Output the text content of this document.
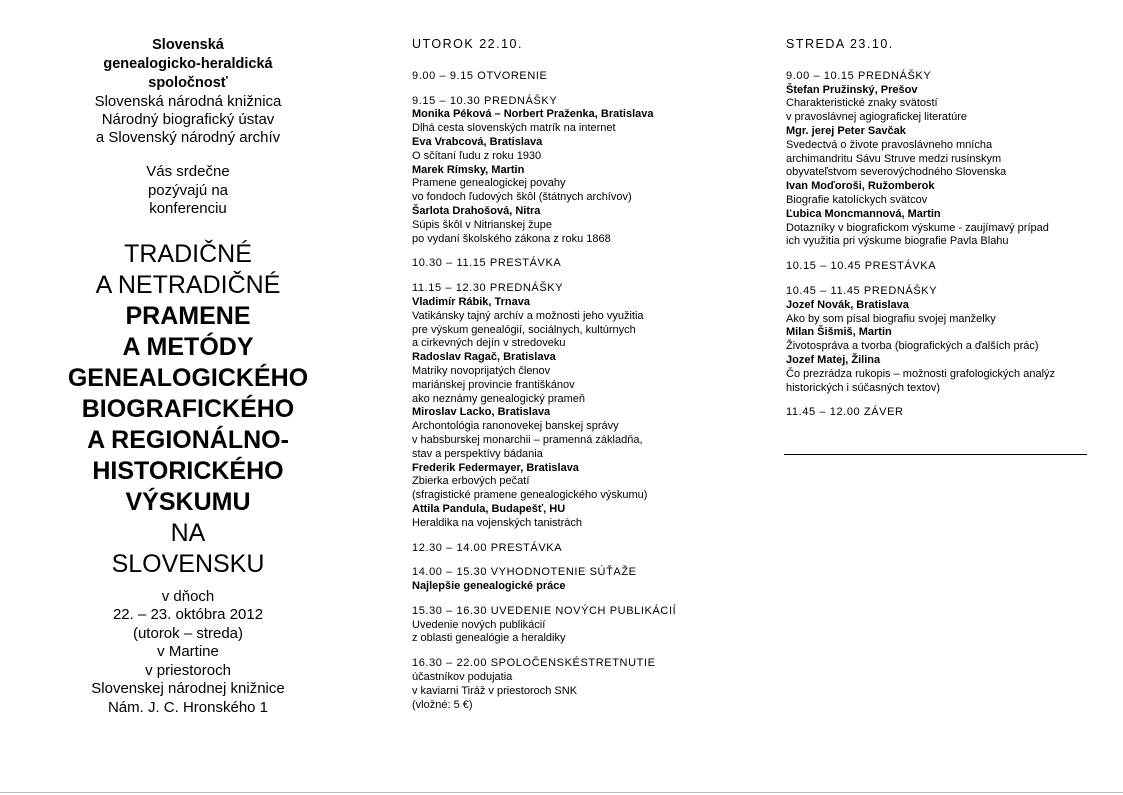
Slovenská
genealogicko-heraldická
spoločnosť
Slovenská národná knižnica
Národný biografický ústav
a Slovenský národný archív
Vás srdečne
pozývajú na
konferenciu
TRADIČNÉ
A NETRADIČNÉ
PRAMENE
A METÓDY
GENEALOGICKÉHO
BIOGRAFICKÉHO
A REGIONÁLNO-
HISTORICKÉHO
VÝSKUMU
NA
SLOVENSKU
v dňoch
22. – 23. októbra 2012
(utorok – streda)
v Martine
v priestoroch
Slovenskej národnej knižnice
Nám. J. C. Hronského 1
UTOROK 22.10.
9.00 – 9.15 OTVORENIE
9.15 – 10.30 PREDNÁŠKY
Monika Péková – Norbert Praženka, Bratislava
Dlhá cesta slovenských matrík na internet
Eva Vrabcová, Bratislava
O sčítaní ľudu z roku 1930
Marek Rímsky, Martin
Pramene genealogickej povahy
vo fondoch ľudových škôl (štátnych archívov)
Šarlota Drahošová, Nitra
Súpis škôl v Nitrianskej župe
po vydaní školského zákona z roku 1868
10.30 – 11.15 PRESTÁVKA
11.15 – 12.30 PREDNÁŠKY
Vladimír Rábik, Trnava
Vatikánsky tajný archív a možnosti jeho využitia
pre výskum genealógií, sociálnych, kultúrnych
a cirkevných dejín v stredoveku
Radoslav Ragač, Bratislava
Matriky novoprijatých členov
mariánskej provincie františkánov
ako neznámy genealogický prameň
Miroslav Lacko, Bratislava
Archontológia ranonovekej banskej správy
v habsburskej monarchii – pramenná základňa,
stav a perspektívy bádania
Frederik Federmayer, Bratislava
Zbierka erbových pečatí
(sfragistické pramene genealogického výskumu)
Attila Pandula, Budapešť, HU
Heraldika na vojenských tanistrách
12.30 – 14.00 PRESTÁVKA
14.00 – 15.30 VYHODNOTENIE SÚŤAŽE
Najlepšie genealogické práce
15.30 – 16.30 UVEDENIE NOVÝCH PUBLIKÁCIÍ
Uvedenie nových publikácií
z oblasti genealógie a heraldiky
16.30 – 22.00 SPOLOČENSKÉSTRETNUTIE
účastníkov podujatia
v kaviarni Tiráž v priestoroch SNK
(vložné: 5 €)
STREDA 23.10.
9.00 – 10.15 PREDNÁŠKY
Štefan Pružinský, Prešov
Charakteristické znaky svätostí
v pravoslávnej agiografickej literatúre
Mgr. jerej Peter Savčak
Svedectvá o živote pravoslávneho mnícha
archimandritu Sávu Struve medzi rusínskym
obyvateľstvom severovýchodného Slovenska
Ivan Moďoroši, Ružomberok
Biografie katolíckych svätcov
Ľubica Moncmannová, Martin
Dotazníky v biografickom výskume - zaujímavý prípad
ich využitia pri výskume biografie Pavla Blahu
10.15 – 10.45 PRESTÁVKA
10.45 – 11.45 PREDNÁŠKY
Jozef Novák, Bratislava
Ako by som písal biografiu svojej manželky
Milan Šišmiš, Martin
Životospráva a tvorba (biografických a ďalších prác)
Jozef Matej, Žilina
Čo prezrádza rukopis – možnosti grafologických analýz
historických i súčasných textov)
11.45 – 12.00 ZÁVER
